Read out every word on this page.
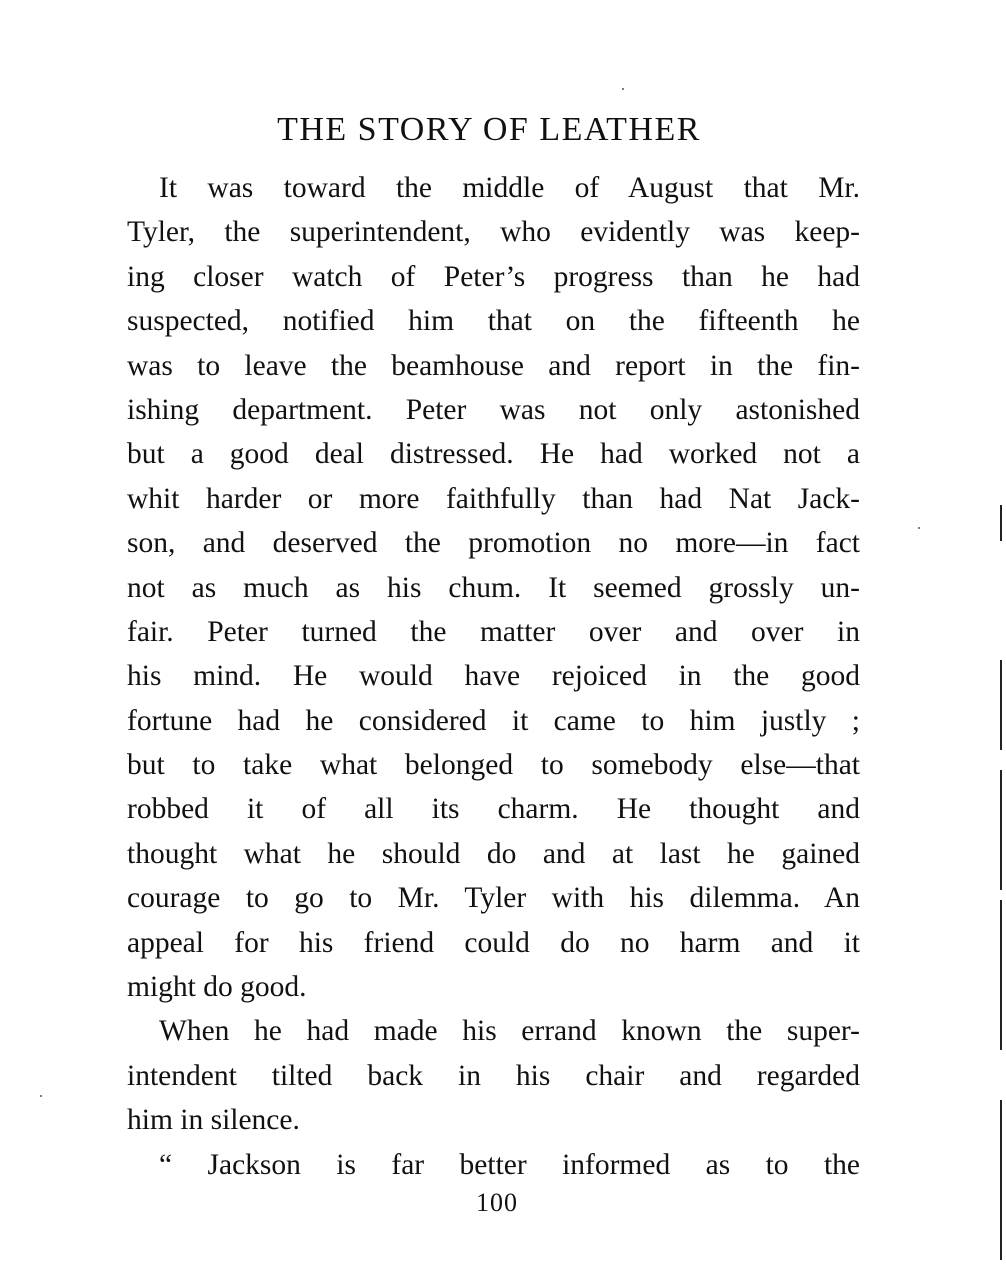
THE STORY OF LEATHER
It was toward the middle of August that Mr.
Tyler, the superintendent, who evidently was keep-
ing closer watch of Peter’s progress than he had
suspected, notified him that on the fifteenth he
was to leave the beamhouse and report in the fin-
ishing department. Peter was not only astonished
but a good deal distressed. He had worked not a
whit harder or more faithfully than had Nat Jack-
son, and deserved the promotion no more—in fact
not as much as his chum. It seemed grossly un-
fair. Peter turned the matter over and over in
his mind. He would have rejoiced in the good
fortune had he considered it came to him justly ;
but to take what belonged to somebody else—that
robbed it of all its charm. He thought and
thought what he should do and at last he gained
courage to go to Mr. Tyler with his dilemma. An
appeal for his friend could do no harm and it
might do good.
When he had made his errand known the super-
intendent tilted back in his chair and regarded
him in silence.
“ Jackson is far better informed as to the
100
